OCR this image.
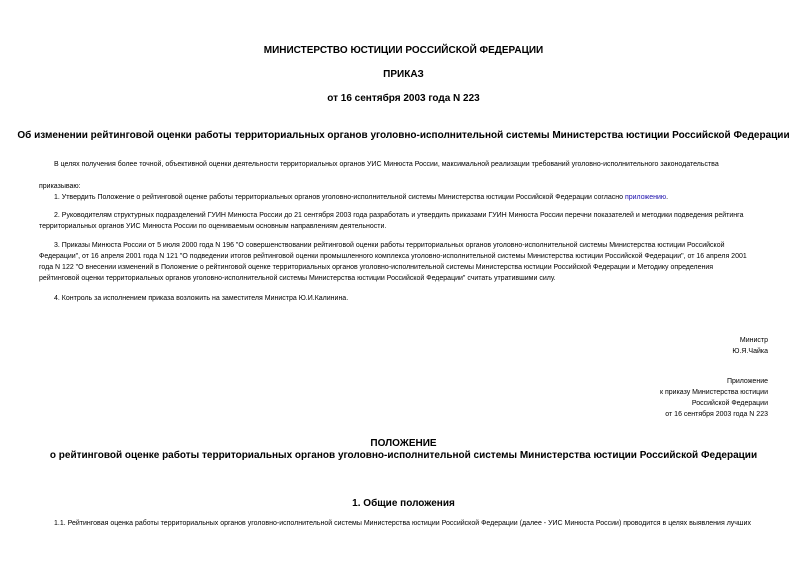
МИНИСТЕРСТВО ЮСТИЦИИ РОССИЙСКОЙ ФЕДЕРАЦИИ
ПРИКАЗ
от 16 сентября 2003 года N 223
Об изменении рейтинговой оценки работы территориальных органов уголовно-исполнительной системы Министерства юстиции Российской Федерации
В целях получения более точной, объективной оценки деятельности территориальных органов УИС Минюста России, максимальной реализации требований уголовно-исполнительного законодательства
приказываю:
1. Утвердить Положение о рейтинговой оценке работы территориальных органов уголовно-исполнительной системы Министерства юстиции Российской Федерации согласно приложению.
2. Руководителям структурных подразделений ГУИН Минюста России до 21 сентября 2003 года разработать и утвердить приказами ГУИН Минюста России перечни показателей и методики подведения рейтинга
территориальных органов УИС Минюста России по оцениваемым основным направлениям деятельности.
3. Приказы Минюста России от 5 июля 2000 года N 196 "О совершенствовании рейтинговой оценки работы территориальных органов уголовно-исполнительной системы Министерства юстиции Российской
Федерации", от 16 апреля 2001 года N 121 "О подведении итогов рейтинговой оценки промышленного комплекса уголовно-исполнительной системы Министерства юстиции Российской Федерации", от 16 апреля 2001
года N 122 "О внесении изменений в Положение о рейтинговой оценке территориальных органов уголовно-исполнительной системы Министерства юстиции Российской Федерации и Методику определения
рейтинговой оценки территориальных органов уголовно-исполнительной системы Министерства юстиции Российской Федерации" считать утратившими силу.
4. Контроль за исполнением приказа возложить на заместителя Министра Ю.И.Калинина.
Министр
Ю.Я.Чайка
Приложение
к приказу Министерства юстиции
Российской Федерации
от 16 сентября 2003 года N 223
ПОЛОЖЕНИЕ
о рейтинговой оценке работы территориальных органов уголовно-исполнительной системы Министерства юстиции Российской Федерации
1. Общие положения
1.1. Рейтинговая оценка работы территориальных органов уголовно-исполнительной системы Министерства юстиции Российской Федерации (далее - УИС Минюста России) проводится в целях выявления лучших
